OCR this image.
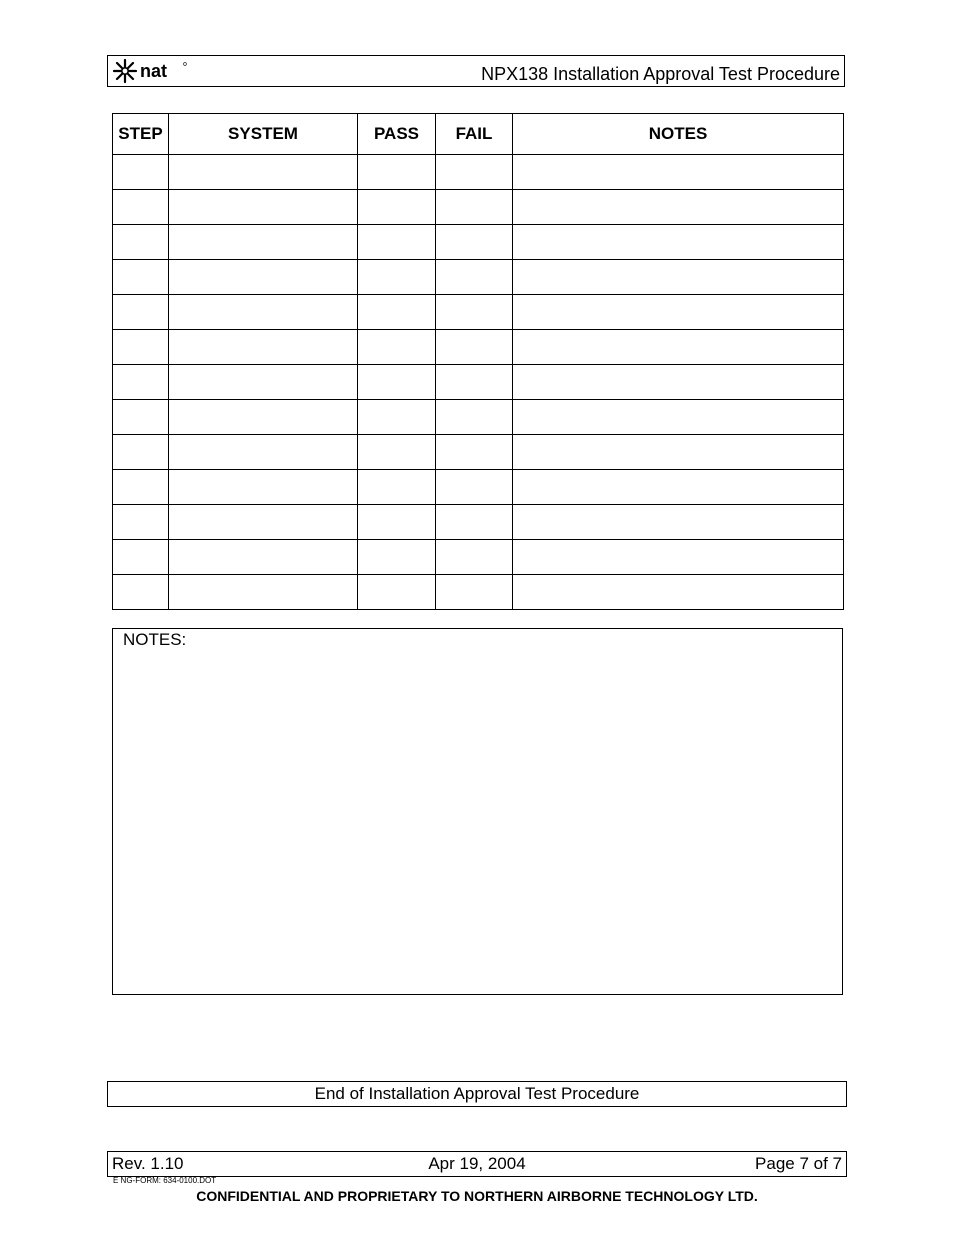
nat	NPX138 Installation Approval Test Procedure
STEP	SYSTEM	PASS	FAIL	NOTES

NOTES:
End of Installation Approval Test Procedure
Rev. 1.10	Apr 19, 2004	Page 7 of 7
E NG-FORM: 634-0100.DOT
CONFIDENTIAL AND PROPRIETARY TO NORTHERN AIRBORNE TECHNOLOGY LTD.
